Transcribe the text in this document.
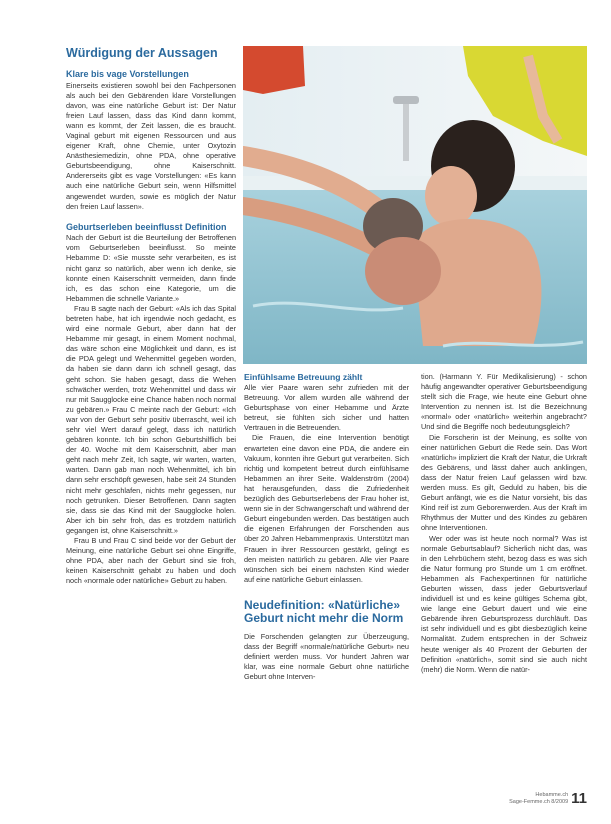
Würdigung der Aussagen
Klare bis vage Vorstellungen

Einerseits existieren sowohl bei den Fachpersonen als auch bei den Gebärenden klare Vorstellungen davon, was eine natürliche Geburt ist: Der Natur freien Lauf lassen, dass das Kind dann kommt, wann es kommt, der Zeit lassen, die es braucht. Vaginal geburt mit eigenen Ressourcen und aus eigener Kraft, ohne Chemie, unter Oxytozin Anästhesiemedizin, ohne PDA, ohne operative Geburtsbeendigung, ohne Kaiserschnitt. Andererseits gibt es vage Vorstellungen: «Es kann auch eine natürliche Geburt sein, wenn Hilfsmittel angewendet wurden, sowie es möglich der Natur den freien Lauf lassen».

Geburtserleben beeinflusst Definition

Nach der Geburt ist die Beurteilung der Betroffenen vom Geburtserleben beeinflusst. So meinte Hebamme D: «Sie musste sehr verarbeiten, es ist nicht ganz so natürlich, aber wenn ich denke, sie konnte einen Kaiserschnitt vermeiden, dann finde ich, es das schon eine Kategorie, um die Hebammen die schnelle Variante.»

Frau B sagte nach der Geburt: «Als ich das Spital betreten habe, hat ich irgendwie noch gedacht, es wird eine normale Geburt, aber dann hat der Hebamme mir gesagt, in einem Moment nochmal, das wäre schon eine Möglichkeit und dann, es ist die PDA gelegt und Wehenmittel gegeben worden, da haben sie dann dann ich schnell gesagt, das geht schon. Sie haben gesagt, dass die Wehen schwächer werden, trotz Wehenmittel und dass wir nur mit Saugglocke eine Chance haben noch normal zu gebären.» Frau C meinte nach der Geburt: «Ich war von der Geburt sehr positiv überrascht, weil ich sehr viel Wert darauf gelegt, dass ich natürlich gebären konnte. Ich bin schon Geburtshilflich bei der 40. Woche mit dem Kaiserschnitt, aber man geht nach mehr Zeit, Ich sagte, wir warten, warten, warten. Dann gab man noch Wehenmittel, ich bin dann sehr erschöpft gewesen, habe seit 24 Stunden nicht mehr geschlafen, nichts mehr gegessen, nur noch getrunken. Dieser Betroffenen. Dann sagten sie, dass sie das Kind mit der Saugglocke holen. Aber ich bin sehr froh, das es trotzdem natürlich gegangen ist, ohne Kaiserschnitt.»

Frau B und Frau C sind beide vor der Geburt der Meinung, eine natürliche Geburt sei ohne Eingriffe, ohne PDA, aber nach der Geburt sind sie froh, keinen Kaiserschnitt gehabt zu haben und doch noch «normale oder natürliche» Geburt zu haben.

Einfühlsame Betreuung zählt

Alle vier Paare waren sehr zufrieden mit der Betreuung. Vor allem wurden alle während der Geburtsphase von einer Hebamme und Ärzte betreut, sie fühlten sich sicher und hatten Vertrauen in die Betreuenden.

Die Frauen, die eine Intervention benötigt erwarteten eine davon eine PDA, die andere ein Vakuum, konnten ihre Geburt gut verarbeiten. Sich richtig und kompetent betreut durch einfühlsame Hebammen an ihrer Seite. Waldenström (2004) hat herausgefunden, dass die Zufriedenheit bezüglich des Geburtserlebens der Frau hoher ist, wenn sie in der Schwangerschaft und während der Geburt eingebunden werden. Das bestätigen auch die eigenen Erfahrungen der Forschenden aus über 20 Jahren Hebammenpraxis. Unterstützt man Frauen in ihrer Ressourcen gestärkt, gelingt es den meisten natürlich zu gebären. Alle vier Paare wünschen sich bei einem nächsten Kind wieder auf eine natürliche Geburt einlassen.

Neudefinition: «Natürliche» Geburt nicht mehr die Norm

Die Forschenden gelangten zur Überzeugung, dass der Begriff «normale/natürliche Geburt» neu definiert werden muss. Vor hundert Jahren war klar, was eine normale Geburt ohne natürliche Geburt ohne Interven-

tion. (Harmann Y. Für Medikalisierung) - schon häufig angewandter operativer Geburtsbeendigung stellt sich die Frage, wie heute eine Geburt ohne Intervention zu nennen ist. Ist die Bezeichnung «normal» oder «natürlich» weiterhin angebracht? Und sind die Begriffe noch bedeutungsgleich?

Die Forscherin ist der Meinung, es sollte von einer natürlichen Geburt die Rede sein. Das Wort «natürlich» impliziert die Kraft der Natur, die Urkraft des Gebärens, und lässt daher auch anklingen, dass der Natur freien Lauf gelassen wird bzw. werden muss. Es gilt, Geduld zu haben, bis die Geburt anfängt, wie es die Natur vorsieht, bis das Kind reif ist zum Geborenwerden. Aus der Kraft im Rhythmus der Mutter und des Kindes zu gebären ohne Interventionen.

Wer oder was ist heute noch normal? Was ist normale Geburtsablauf? Sicherlich nicht das, was in den Lehrbüchern steht, bezog dass es was sich die Natur formung pro Stunde um 1 cm eröffnet. Hebammen als Fachexpertinnen für natürliche Geburten wissen, dass jeder Geburtsverlauf individuell ist und es keine gültiges Schema gibt, wie lange eine Geburt dauert und wie eine Gebärende ihren Geburtsprozess durchläuft. Das ist sehr individuell und es gibt diesbezüglich keine Normalität. Zudem entsprechen in der Schweiz heute weniger als 40 Prozent der Geburten der Definition «natürlich», somit sind sie auch nicht (mehr) die Norm. Wenn die natür-

Hebamme.ch
Sage-Femme.ch 8/2009 11
